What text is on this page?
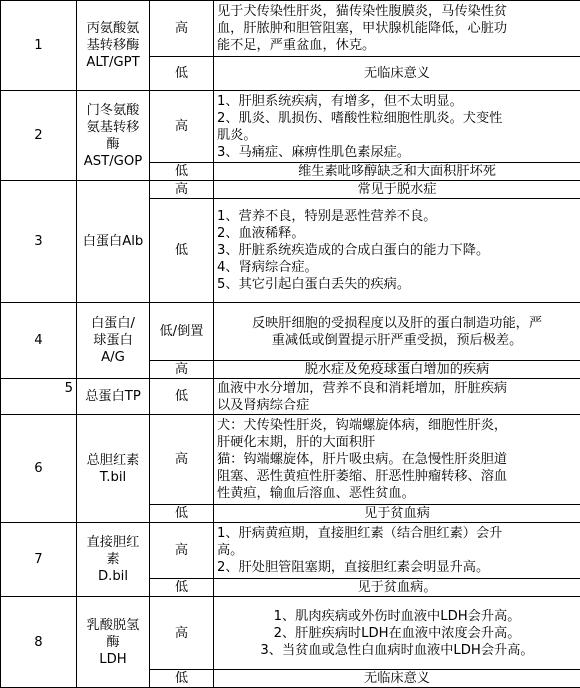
1	丙氨酸氨
基转移酶
ALT/GPT	高	见于犬传染性肝炎，猫传染性腹膜炎，马传染性贫
血，肝脓肿和胆管阻塞，甲状腺机能降低，心脏功
能不足，严重盆血，休克。

		低	无临床意义
2	门冬氨酸
氨基转移
酶
AST/GOP	高	1、肝胆系统疾病，有增多，但不太明显。
2、肌炎、肌损伤、嗜酸性粒细胞性肌炎。犬变性
肌炎。
3、马痛症、麻痹性肌色素尿症。

		低	维生素吡哆醇缺乏和大面积肝坏死
3	白蛋白Alb	高	常见于脱水症
		低	1、营养不良，特别是恶性营养不良。
2、血液稀释。
3、肝脏系统疾造成的合成白蛋白的能力下降。
4、肾病综合症。
5、其它引起白蛋白丢失的疾病。

4	白蛋白/
球蛋白
A/G	低/倒置	反映肝细胞的受损程度以及肝的蛋白制造功能，严
重减低或倒置提示肝严重受损，预后极差。

		高	脱水症及免疫球蛋白增加的疾病
5	总蛋白TP	低	血液中水分增加，营养不良和消耗增加，肝脏疾病
以及肾病综合症

6	总胆红素
T.bil	高	犬：犬传染性肝炎，钩端螺旋体病，细胞性肝炎，
肝硬化末期，肝的大面积肝
猫：钩端螺旋体，肝片吸虫病。在急慢性肝炎胆道
阻塞、恶性黄疸性肝萎缩、肝恶性肿瘤转移、溶血
性黄疸，输血后溶血、恶性贫血。

		低	见于贫血病
7	直接胆红
素
D.bil	高	1、肝病黄疸期，直接胆红素（结合胆红素）会升
高。
2、肝处胆管阻塞期，直接胆红素会明显升高。

		低	见于贫血病。
8	乳酸脱氢
酶
LDH	高	1、肌肉疾病或外伤时血液中LDH会升高。
2、肝脏疾病时LDH在血液中浓度会升高。
3、当贫血或急性白血病时血液中LDH会升高。

		低	无临床意义
